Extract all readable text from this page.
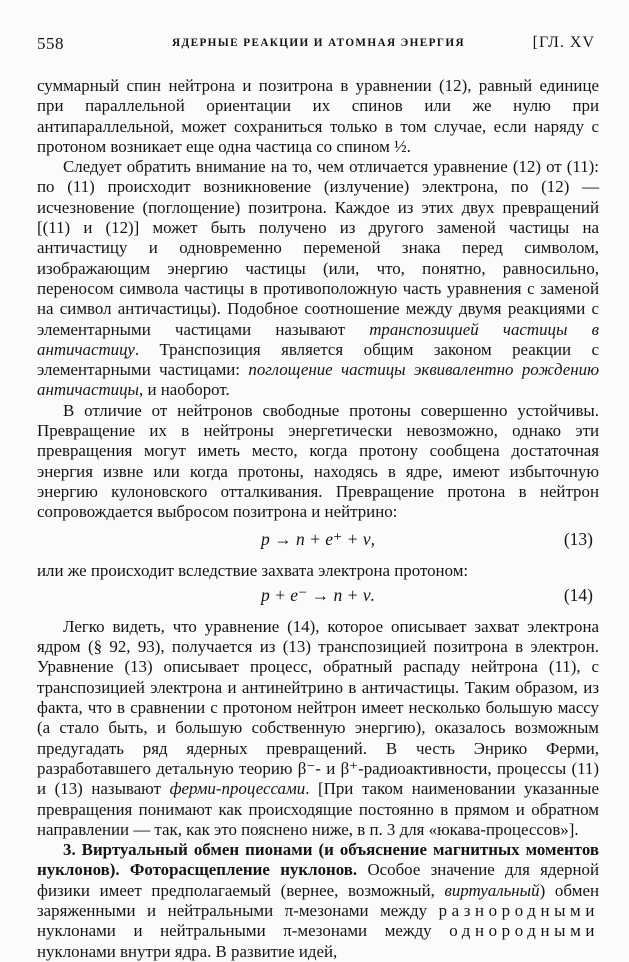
558	ЯДЕРНЫЕ РЕАКЦИИ И АТОМНАЯ ЭНЕРГИЯ	[ГЛ. XV

суммарный спин нейтрона и позитрона в уравнении (12), равный единице при параллельной ориентации их спинов или же нулю при антипараллельной, может сохраниться только в том случае, если наряду с протоном возникает еще одна частица со спином ½.

Следует обратить внимание на то, чем отличается уравнение (12) от (11): по (11) происходит возникновение (излучение) электрона, по (12) — исчезновение (поглощение) позитрона. Каждое из этих двух превращений [(11) и (12)] может быть получено из другого заменой частицы на античастицу и одновременно переменой знака перед символом, изображающим энергию частицы (или, что, понятно, равносильно, переносом символа частицы в противоположную часть уравнения с заменой на символ античастицы). Подобное соотношение между двумя реакциями с элементарными частицами называют транспозицией частицы в античастицу. Транспозиция является общим законом реакции с элементарными частицами: поглощение частицы эквивалентно рождению античастицы, и наоборот.

В отличие от нейтронов свободные протоны совершенно устойчивы. Превращение их в нейтроны энергетически невозможно, однако эти превращения могут иметь место, когда протону сообщена достаточная энергия извне или когда протоны, находясь в ядре, имеют избыточную энергию кулоновского отталкивания. Превращение протона в нейтрон сопровождается выбросом позитрона и нейтрино:

p → n + e⁺ + ν,	(13)

или же происходит вследствие захвата электрона протоном:

p + e⁻ → n + ν.	(14)

Легко видеть, что уравнение (14), которое описывает захват электрона ядром (§ 92, 93), получается из (13) транспозицией позитрона в электрон. Уравнение (13) описывает процесс, обратный распаду нейтрона (11), с транспозицией электрона и антинейтрино в античастицы. Таким образом, из факта, что в сравнении с протоном нейтрон имеет несколько большую массу (а стало быть, и большую собственную энергию), оказалось возможным предугадать ряд ядерных превращений. В честь Энрико Ферми, разработавшего детальную теорию β⁻- и β⁺-радиоактивности, процессы (11) и (13) называют ферми-процессами. [При таком наименовании указанные превращения понимают как происходящие постоянно в прямом и обратном направлении — так, как это пояснено ниже, в п. 3 для «юкава-процессов»].

3. Виртуальный обмен пионами (и объяснение магнитных моментов нуклонов). Фоторасщепление нуклонов. Особое значение для ядерной физики имеет предполагаемый (вернее, возможный, виртуальный) обмен заряженными и нейтральными π-мезонами между разнородными нуклонами и нейтральными π-мезонами между однородными нуклонами внутри ядра. В развитие идей,
